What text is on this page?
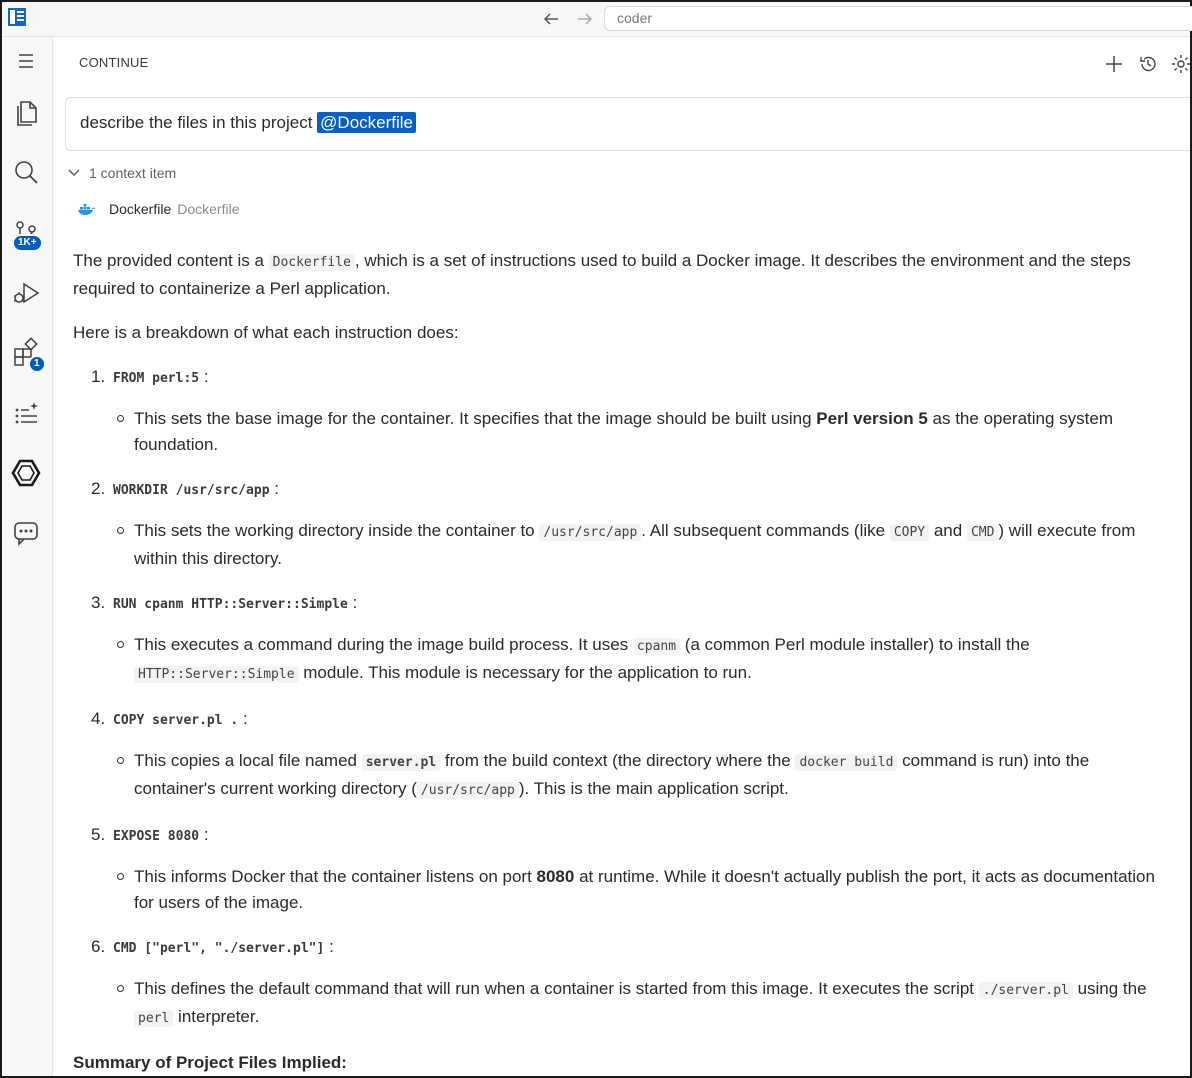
coder
1K+
1
CONTINUE
describe the files in this project @Dockerfile
1 context item
Dockerfile Dockerfile

The provided content is a Dockerfile , which is a set of instructions used to build a Docker image. It describes the environment and the steps required to containerize a Perl application.

Here is a breakdown of what each instruction does:

1. FROM perl:5 :
This sets the base image for the container. It specifies that the image should be built using Perl version 5 as the operating system foundation.
2. WORKDIR /usr/src/app :
This sets the working directory inside the container to /usr/src/app . All subsequent commands (like COPY and CMD ) will execute from within this directory.
3. RUN cpanm HTTP::Server::Simple :
This executes a command during the image build process. It uses cpanm (a common Perl module installer) to install the HTTP::Server::Simple module. This module is necessary for the application to run.
4. COPY server.pl . :
This copies a local file named server.pl from the build context (the directory where the docker build command is run) into the container's current working directory ( /usr/src/app ). This is the main application script.
5. EXPOSE 8080 :
This informs Docker that the container listens on port 8080 at runtime. While it doesn't actually publish the port, it acts as documentation for users of the image.
6. CMD ["perl", "./server.pl"] :
This defines the default command that will run when a container is started from this image. It executes the script ./server.pl using the perl interpreter.
Summary of Project Files Implied:
